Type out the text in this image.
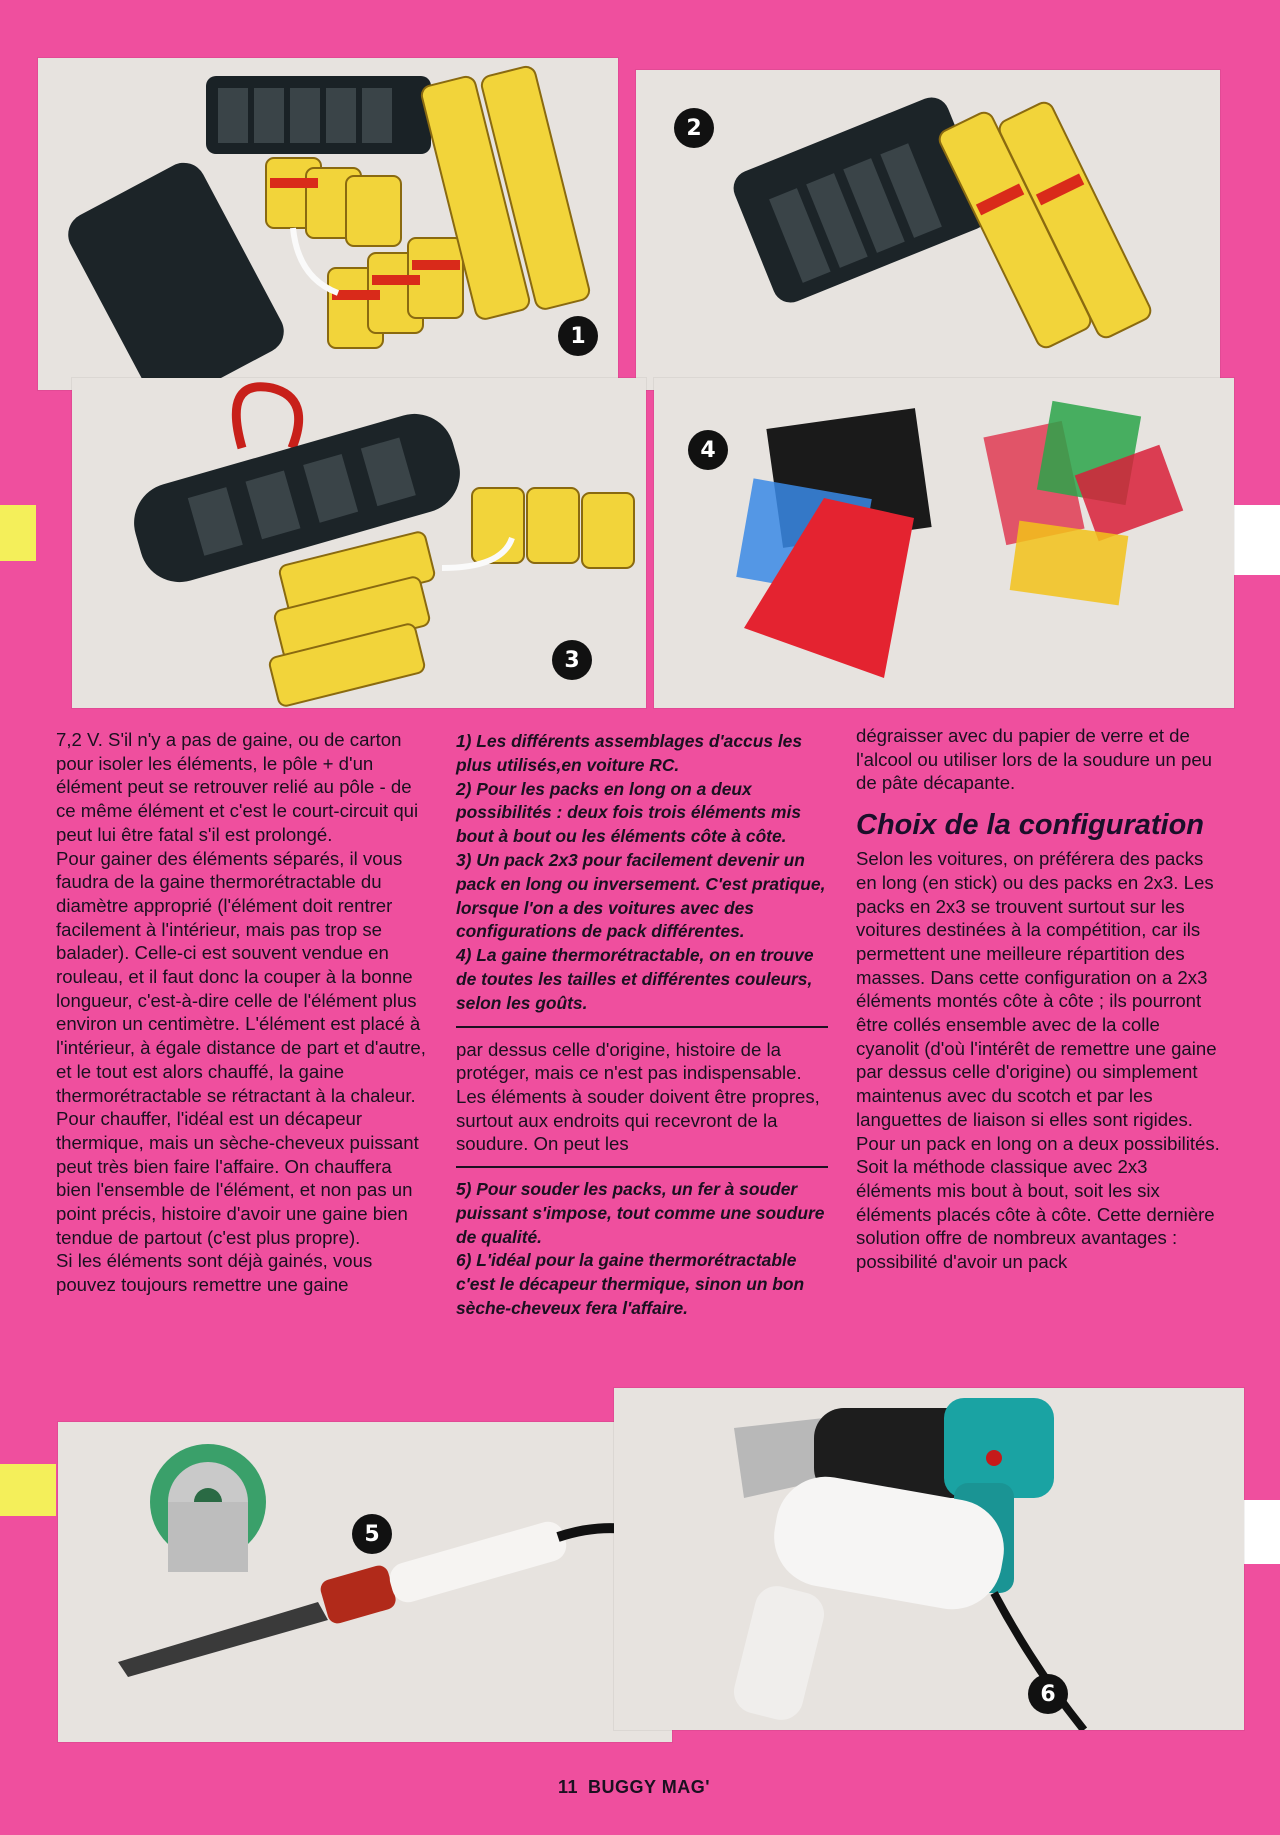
1
2
3
4
5
6

7,2 V. S'il n'y a pas de gaine, ou de carton pour isoler les éléments, le pôle + d'un élément peut se retrouver relié au pôle - de ce même élément et c'est le court-circuit qui peut lui être fatal s'il est prolongé.

Pour gainer des éléments séparés, il vous faudra de la gaine thermorétractable du diamètre approprié (l'élément doit rentrer facilement à l'intérieur, mais pas trop se balader). Celle-ci est souvent vendue en rouleau, et il faut donc la couper à la bonne longueur, c'est-à-dire celle de l'élément plus environ un centimètre. L'élément est placé à l'intérieur, à égale distance de part et d'autre, et le tout est alors chauffé, la gaine thermorétractable se rétractant à la chaleur. Pour chauffer, l'idéal est un décapeur thermique, mais un sèche-cheveux puissant peut très bien faire l'affaire. On chauffera bien l'ensemble de l'élément, et non pas un point précis, histoire d'avoir une gaine bien tendue de partout (c'est plus propre).

Si les éléments sont déjà gainés, vous pouvez toujours remettre une gaine

1) Les différents assemblages d'accus les plus utilisés,en voiture RC.

2) Pour les packs en long on a deux possibilités : deux fois trois éléments mis bout à bout ou les éléments côte à côte.

3) Un pack 2x3 pour facilement devenir un pack en long ou inversement. C'est pratique, lorsque l'on a des voitures avec des configurations de pack différentes.

4) La gaine thermorétractable, on en trouve de toutes les tailles et différentes couleurs, selon les goûts.

par dessus celle d'origine, histoire de la protéger, mais ce n'est pas indispensable. Les éléments à souder doivent être propres, surtout aux endroits qui recevront de la soudure. On peut les

5) Pour souder les packs, un fer à souder puissant s'impose, tout comme une soudure de qualité.

6) L'idéal pour la gaine thermorétractable c'est le décapeur thermique, sinon un bon sèche-cheveux fera l'affaire.

dégraisser avec du papier de verre et de l'alcool ou utiliser lors de la soudure un peu de pâte décapante.

Choix de la configuration

Selon les voitures, on préférera des packs en long (en stick) ou des packs en 2x3. Les packs en 2x3 se trouvent surtout sur les voitures destinées à la compétition, car ils permettent une meilleure répartition des masses. Dans cette configuration on a 2x3 éléments montés côte à côte ; ils pourront être collés ensemble avec de la colle cyanolit (d'où l'intérêt de remettre une gaine par dessus celle d'origine) ou simplement maintenus avec du scotch et par les languettes de liaison si elles sont rigides.

Pour un pack en long on a deux possibilités. Soit la méthode classique avec 2x3 éléments mis bout à bout, soit les six éléments placés côte à côte. Cette dernière solution offre de nombreux avantages : possibilité d'avoir un pack

11 BUGGY MAG'
